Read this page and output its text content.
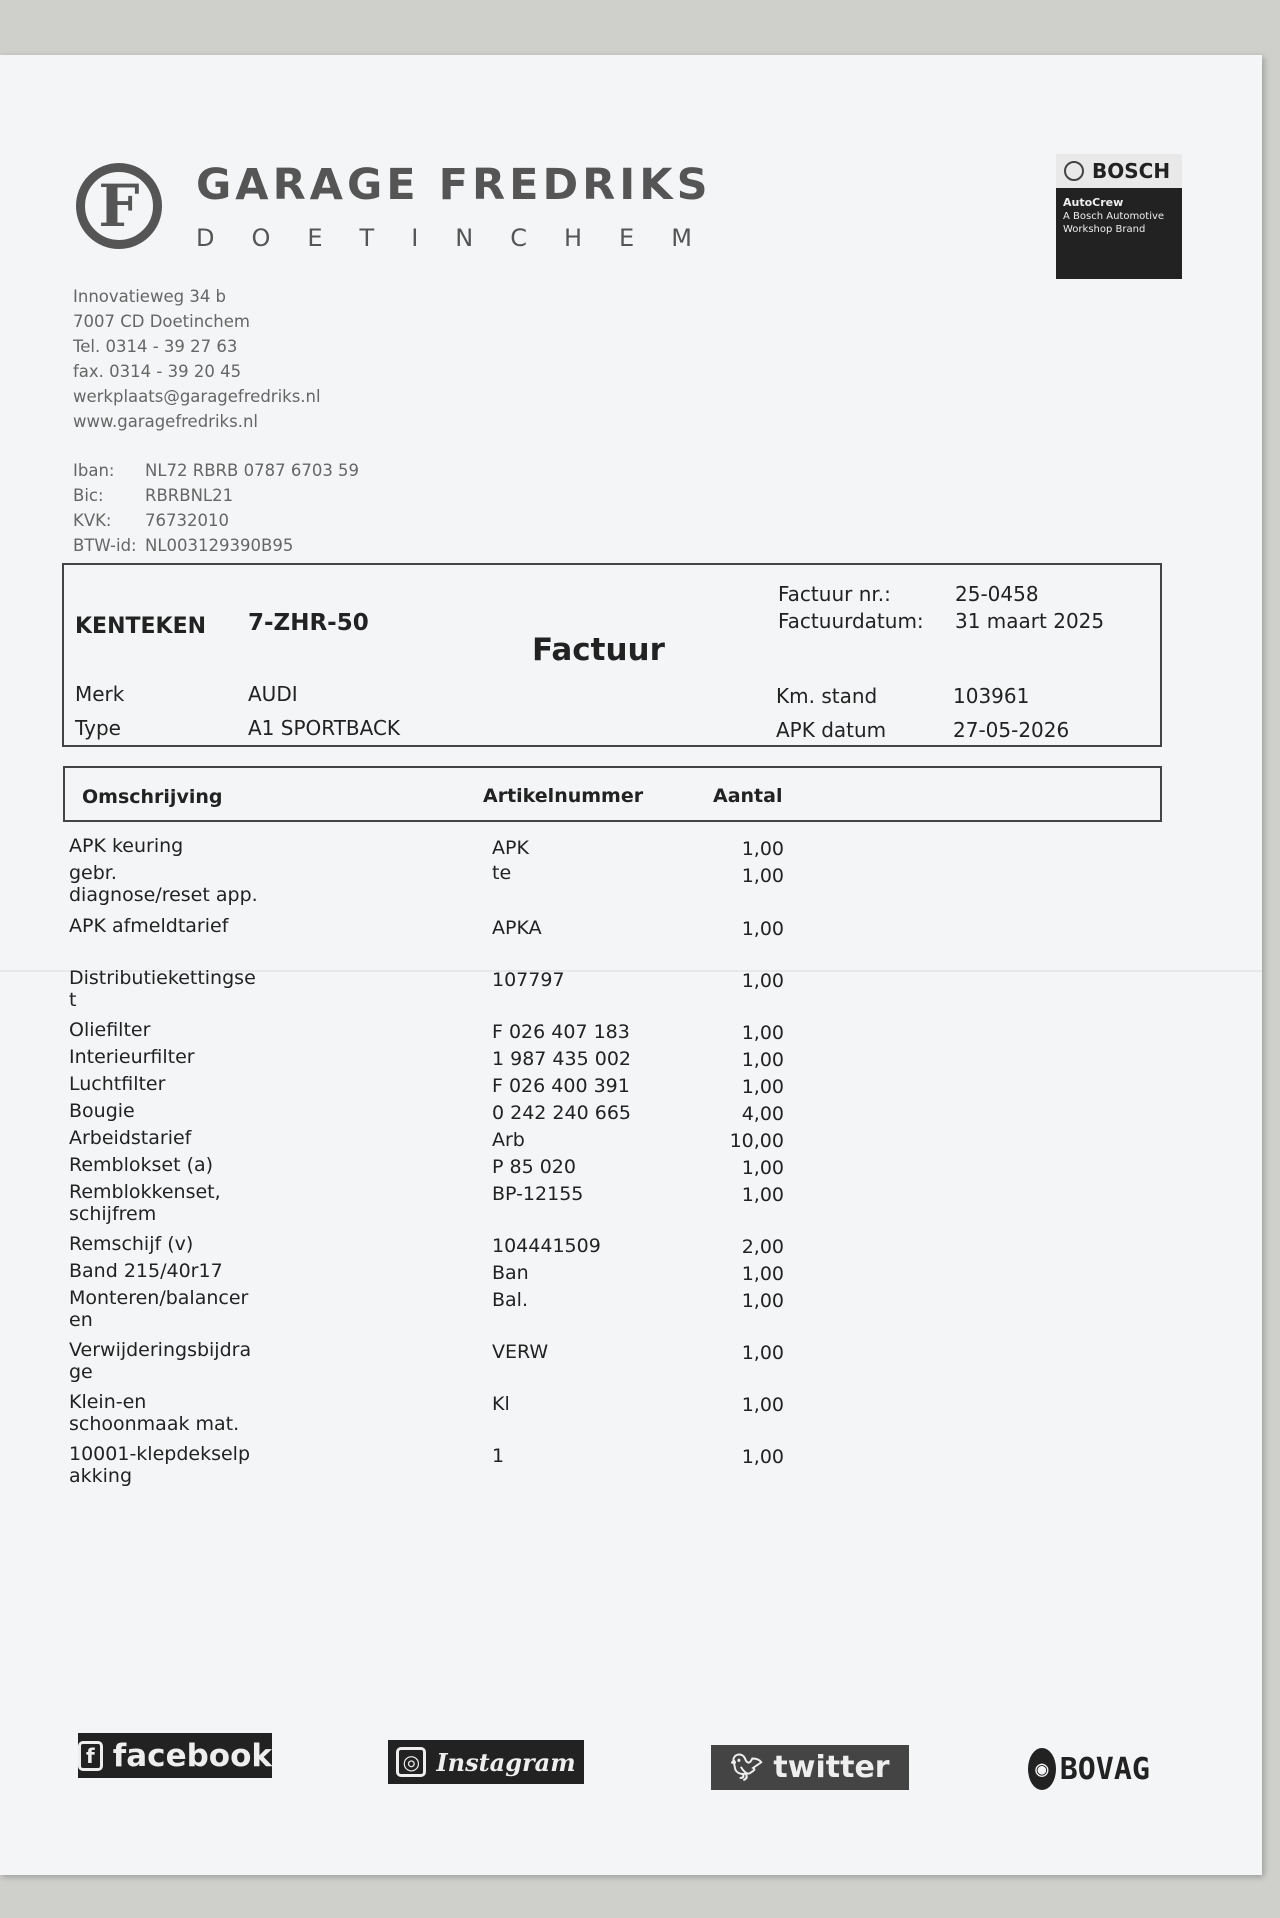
F	GARAGE FREDRIKS
DOETINCHEM
BOSCH
AutoCrew
A Bosch Automotive Workshop Brand
Innovatieweg 34 b
7007 CD Doetinchem
Tel. 0314 - 39 27 63
fax. 0314 - 39 20 45
werkplaats@garagefredriks.nl
www.garagefredriks.nl
Iban:	NL72 RBRB 0787 6703 59
Bic:	RBRBNL21
KVK:	76732010
BTW-id: NL003129390B95
KENTEKEN 7-ZHR-50
Factuur
Factuur nr.:	25-0458
Factuurdatum: 31 maart 2025
Merk	AUDI
Type	A1 SPORTBACK
Km. stand	103961
APK datum	27-05-2026
Omschrijving	Artikelnummer	Aantal
APK keuring	APK	1,00
gebr.
diagnose/reset app.
te	1,00
APK afmeldtarief	APKA	1,00
Distributiekettingse
t
107797	1,00
Oliefilter	F 026 407 183	1,00
Interieurfilter	1 987 435 002	1,00
Luchtfilter	F 026 400 391	1,00
Bougie	0 242 240 665	4,00
Arbeidstarief	Arb	10,00
Remblokset (a)	P 85 020	1,00
Remblokkenset,
schijfrem
BP-12155	1,00
Remschijf (v)	104441509	2,00
Band 215/40r17	Ban	1,00
Monteren/balancer
en
Bal.	1,00
Verwijderingsbijdra
ge
VERW	1,00
Klein-en
schoonmaak mat.
Kl	1,00
10001-klepdekselp
akking
1	1,00
f facebook	◎ Instagram	🐦︎ twitter	◉ BOVAG
